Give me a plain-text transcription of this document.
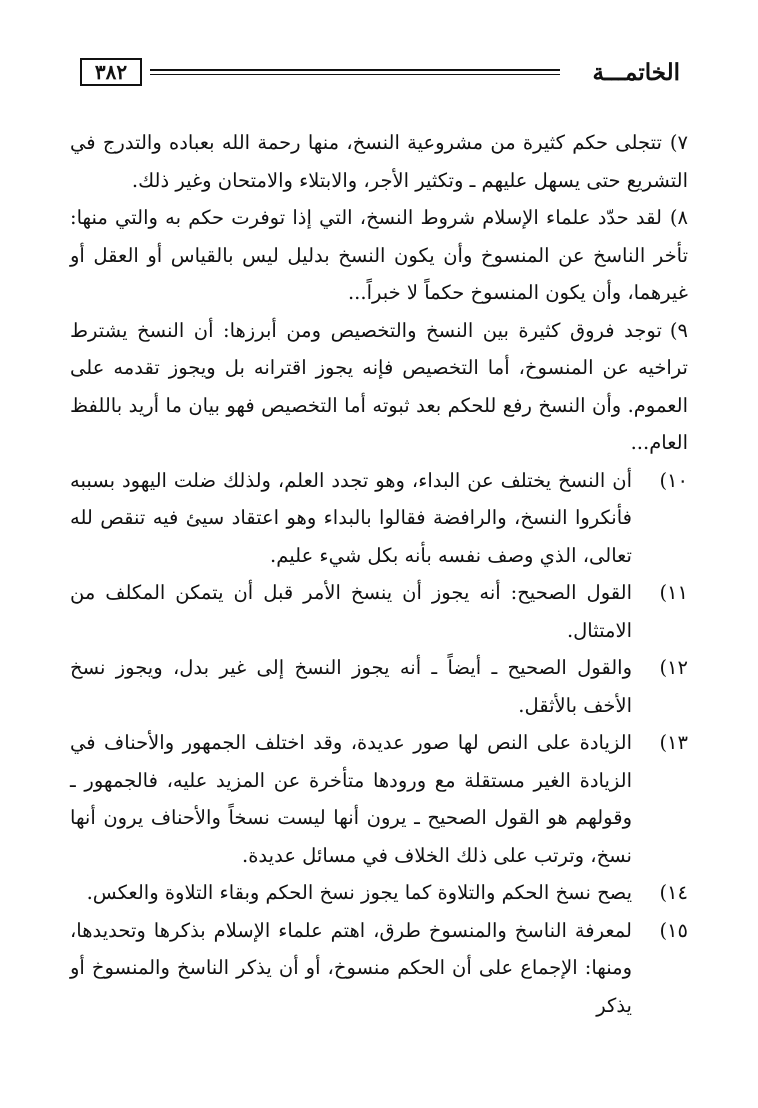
الخاتمـــة
٣٨٢
٧)تتجلى حكم كثيرة من مشروعية النسخ، منها رحمة الله بعباده والتدرج في التشريع حتى يسهل عليهم ـ وتكثير الأجر، والابتلاء والامتحان وغير ذلك.
٨)لقد حدّد علماء الإسلام شروط النسخ، التي إذا توفرت حكم به والتي منها: تأخر الناسخ عن المنسوخ وأن يكون النسخ بدليل ليس بالقياس أو العقل أو غيرهما، وأن يكون المنسوخ حكماً لا خبراً...
٩)توجد فروق كثيرة بين النسخ والتخصيص ومن أبرزها: أن النسخ يشترط تراخيه عن المنسوخ، أما التخصيص فإنه يجوز اقترانه بل ويجوز تقدمه على العموم. وأن النسخ رفع للحكم بعد ثبوته أما التخصيص فهو بيان ما أريد باللفظ العام...
١٠)
أن النسخ يختلف عن البداء، وهو تجدد العلم، ولذلك ضلت اليهود بسببه فأنكروا النسخ، والرافضة فقالوا بالبداء وهو اعتقاد سيئ فيه تنقص لله تعالى، الذي وصف نفسه بأنه بكل شيء عليم.
١١)
القول الصحيح: أنه يجوز أن ينسخ الأمر قبل أن يتمكن المكلف من الامتثال.
١٢)
والقول الصحيح ـ أيضاً ـ أنه يجوز النسخ إلى غير بدل، ويجوز نسخ الأخف بالأثقل.
١٣)
الزيادة على النص لها صور عديدة، وقد اختلف الجمهور والأحناف في الزيادة الغير مستقلة مع ورودها متأخرة عن المزيد عليه، فالجمهور ـ وقولهم هو القول الصحيح ـ يرون أنها ليست نسخاً والأحناف يرون أنها نسخ، وترتب على ذلك الخلاف في مسائل عديدة.
١٤)
يصح نسخ الحكم والتلاوة كما يجوز نسخ الحكم وبقاء التلاوة والعكس.
١٥)
لمعرفة الناسخ والمنسوخ طرق، اهتم علماء الإسلام بذكرها وتحديدها، ومنها: الإجماع على أن الحكم منسوخ، أو أن يذكر الناسخ والمنسوخ أو يذكر
